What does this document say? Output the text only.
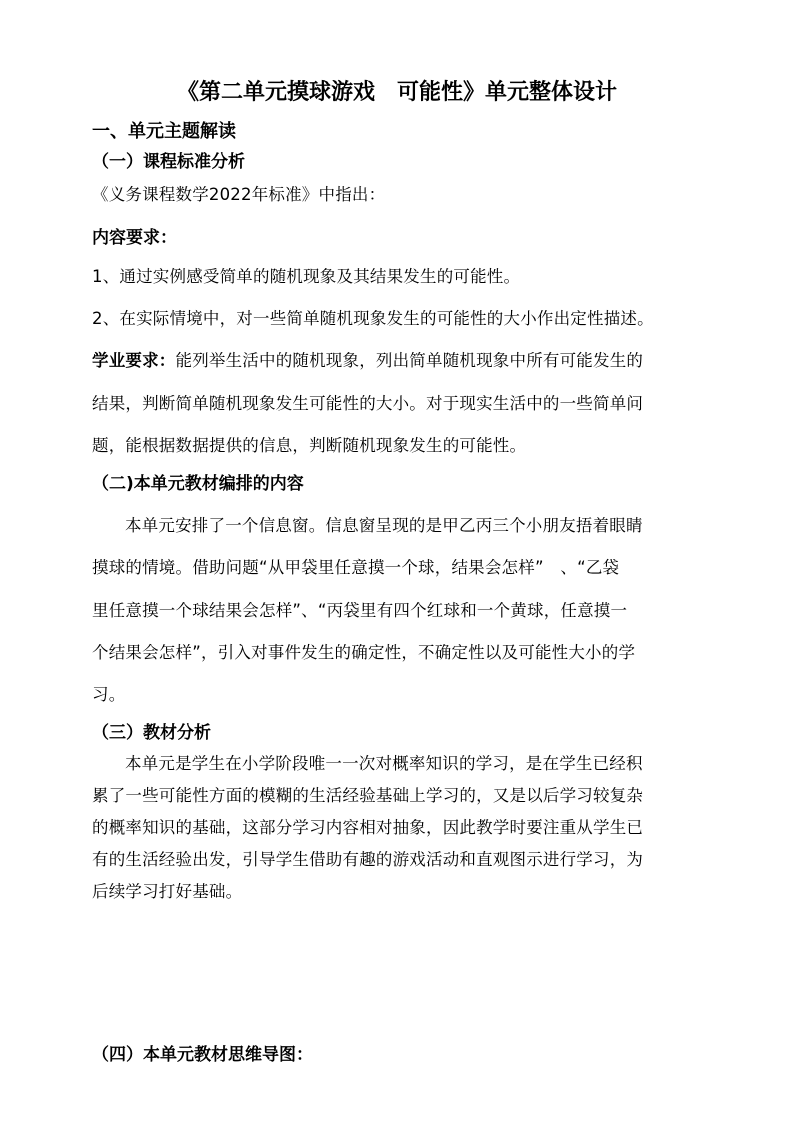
《第二单元摸球游戏　可能性》单元整体设计
一、单元主题解读
（一）课程标准分析
《义务课程数学2022年标准》中指出：
内容要求：
1、通过实例感受简单的随机现象及其结果发生的可能性。
2、在实际情境中，对一些简单随机现象发生的可能性的大小作出定性描述。
学业要求：能列举生活中的随机现象，列出简单随机现象中所有可能发生的
结果，判断简单随机现象发生可能性的大小。对于现实生活中的一些简单问
题，能根据数据提供的信息，判断随机现象发生的可能性。
（二)本单元教材编排的内容
本单元安排了一个信息窗。信息窗呈现的是甲乙丙三个小朋友捂着眼睛
摸球的情境。借助问题“从甲袋里任意摸一个球，结果会怎样”　、“乙袋
里任意摸一个球结果会怎样”、“丙袋里有四个红球和一个黄球，任意摸一
个结果会怎样”，引入对事件发生的确定性，不确定性以及可能性大小的学
习。
（三）教材分析
本单元是学生在小学阶段唯一一次对概率知识的学习，是在学生已经积
累了一些可能性方面的模糊的生活经验基础上学习的，又是以后学习较复杂
的概率知识的基础，这部分学习内容相对抽象，因此教学时要注重从学生已
有的生活经验出发，引导学生借助有趣的游戏活动和直观图示进行学习，为
后续学习打好基础。
（四）本单元教材思维导图：
